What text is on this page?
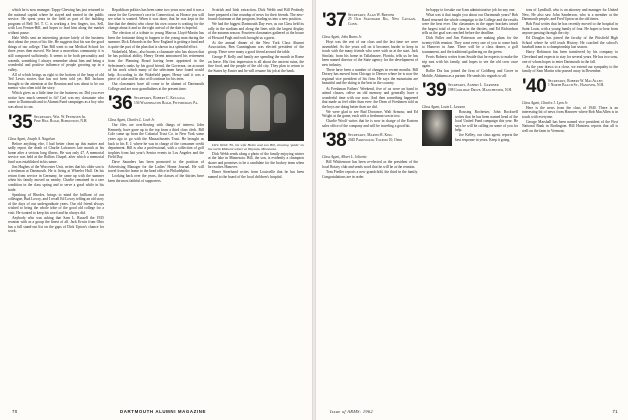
which he is now manager. Tappy Chewing has just returned to the national capital where he stayed and earned in the public service. He spent years in the field as part of the building program of Bell Tel. T. C. is working a few fingers, too, Sell, with Lou Fenton-Hill, and hopes to lead him along the market without pause.

Hale Wells sent an interesting picture lately of the business shot about the years of his life. He suggests that his son the good things of our college. That Bill went to our Medical School for three years then moved. We have a marvelous community it is still composed sufficiently. It seems to be both personality and warmth, something I always remember about him and being a wonderful and positive influence of people growing up in a valley.

All of which brings us right to the bottom of the heap of old Ted Lewis stories that has not been told yet. Bill Jackson brought to the attention at the Reunion and was about to be our mentor who often told the story.

Which gives us a little time for the business on. Did you ever notice how much seemed to fit? Carl was my classmate who came to Dartmouth and to Alumni Fund campaigns as a boy who was about to run.

'35 Secretary, Wm. W. Petersen Jr.
Pine Hill Road, Hopkinton, N.H.

Class Agent, Joseph A. Nagelsen

Before anything else, I had better clean up this matter and sadly report the death of Charlie Lafrances late month at his home after a serious long illness. He was only 47. A memorial service was held at the Rollins Chapel, after which a memorial fund was established in his name.

Jim Hughes of the Worcester Unit, writes that his older son is a freshman at Dartmouth. He is living at Wheeler Hall. On his return from service in Germany, he came up with the summer when his family moved us nearby. Charlie remained in a rare condition in the class spring and to serve a good while in his trade.

Speaking of Rhodes, brings to mind the brilliant of our colleague, Bud Lowry, and I recall Ed Lowry telling an old story of the days of our undergraduate years. Our old friend always wished to bring the whole tribe of the good old college for a visit. He wanted to keep his word and he always did.

Anybody who was asking that Sam L. Russell the 1935 reunion with as a group the finest of all. Jack Erwin from Ohio has a full stand-out list on the gaps of Dick Upton's chance for work.

Republican politics has been some two years now and it was a cause for the Governor's race in Connecticut, as Horace you will see what is wanted. When it was done, that he was kept in the line that the dentist who chose his own course is waiting for the change about it and so the right arrival of the date is hopeful.

The election of a tribute to young Marcus Lloyd-Martin has been the fortunate thing to happen to the young man during the summer. Dick Edwards in the New England is getting a fund and is quite the part of the plan that is shown in a splendid effort.

Wakefield, Mass., also boasts a classmate who has shown that he has political ability. Henry Orrent announced his retirement from the Planning Board having been appointed in the Selectmen's ranks by his good friend, the Governor, on account of his work which many of the selectmen have found would help. According to the Wakefield paper, Henry said it was a piece of cake and he also will continue for his term.

Our classmates have all come to be alumni of Dartmouth College and are now grandfathers at the present time.

'36 Secretary, Robert C. Kellogg
136 Washington Road, Pittsburgh, Pa.

Class Agent, Charles L. Loeb Jr.

Our files are overflowing with things of interest. John Kennedy, have gone up to the top from a third class clerk. Bill Cole came up from the Colonial Trust Co. in New York some years ago to go with the Massachusetts Trust. He brought us back to his E. J. where he was in charge of the consumer credit department. Bill is also a professional, with a collection of golf trophies from last year's Senior events in Los Angeles and the Field Day.

Dave Saunders has been promoted to the position of Advertising Manager for the Ladies' Home Journal. He will travel from the home to the head office in Philadelphia.

Looking back over the years, the classes of the thirties have been the most faithful of supporters.

Scottish and Irish extraction, Dick Webb and Bill Peabody have prepared a fine roundup of news for their friends. The new-found chairman at that program, leading us into a new position.

We had the biggest Dartmouth Day ever, as our Class held its rally in the stadium and along the lines with the largest display of the autumn season. Fourteen classmates gathered at the house of Howard Pugh and each brought us a guest.

At the annual dinner of the New York Class Alumni Association, Ben Cunningham was elected president of the group. There were many a good friend around the table.

George P. Kelly and family are spending the month in Rome on leave. His first impression is all about the ancient ruins, the fine food, and the people of the old city. They plan to return to the States by Easter and he will resume his job at the bank.

Dick Webb '36, his wife Helen and son Bill, showing 'guide' on the north Midwest winter at Wayzata, Minnesota.

Dick Webb sends along a photo of the family enjoying winter at the lake in Minnesota. Bill, the son, is evidently a champion skater and promises to be a candidate for the hockey team when he reaches Hanover.

Elmer Steerhand writes from Louisville that he has been named to the board of the local children's hospital.

70	DARTMOUTH ALUMNI MAGAZINE
'37 Secretary, Alan W. Brewer
25 Old Standard Rd., New Canaan, Conn.

Class Agent, John Burns Jr.

Hoyt was the rest of our class and the last time we were assembled. As the years roll on it becomes harder to keep in touch with the many friends who were with us at the start. Jack Sinclair, from his home in Tallahassee, Florida, tells us he has been named director of the State agency for the development of new industry.

There have been a number of changes in recent months. Bill Dorsey has moved from Chicago to Denver where he is now the regional vice president of his firm. He says the mountains are beautiful and the skiing is the best in the country.

At Freshman Fathers' Weekend, five of us were on hand to attend classes, relive an old memory and generally have a wonderful time with our sons. And then something happened that made us feel older than ever: the Dean of Freshmen told us the boys are doing better than we did.

We were glad to see Bud Dorrance, Walt Armour, and Ed Wright at the game, each with a freshman son in tow.

Charlie Woolf writes that he is now in charge of the Eastern sales office of the company and will be traveling a good bit.

'38 Secretary, Martin R. King
2045 Parkwood, Toledo 10, Ohio

Class Agent, Albert L. Jolivette

Bill Whittemore has been re-elected as the president of the local Rotary club and sends word that he will be at the reunion.

Tom Fiedler reports a new grandchild, the third in the family. Congratulations are in order.

be happy to forsake our 6 am administrative job for any one.

What was it that taught you about our Dartmouth years? Bob Rand returned the whole campaign to the College and the results were the best ever. Our classmates in the upper brackets raised the largest total of any class in the thirties, and Ed Richardson tells us the goal was reached before the deadline.

Dick Fuller and Jim Patterson are making plans for the twenty-fifth reunion. They want every one of you to come back to Hanover in June. There will be a class dinner, a golf tournament, and the traditional gathering on the green.

Ferris Roberts writes from Seattle that he expects to make the trip east with his family, and hopes to see the old crew once again.

Rollie Dix has joined the firm of Goldberg and Grove in Mobile, Alabama as a partner. He sends his regards to all.

'39 Secretary, Albert L. Gardner
198 Coolidge Drive, Manchester, N.H.

Class Agent, Louis L. Lawson

Rousing Rochester, John Rockwell writes that he has been named head of the local United Fund campaign this year. He says he will be calling on some of you for help.

Joe Kelley, our class agent, reports the best response in years. Keep it going.

tons of Lyndhall, who is an attorney and manager for United New, He also saw John Sanderson, who is a member at the Dartmouth people, and Fred Upton on the old times.

Bob Paul writes that he has recently moved to the hospital in Saint Louis, with a young family of four. He hopes to hear from anyone passing through the city.

Ed Douglas has joined the faculty of the Pittsfield High School where he will teach History. He coached the school's baseball team to a championship last season.

Harry Robinson has been transferred by his company to Cleveland and expects to stay for several years. He has two sons, one of whom hopes to enter Dartmouth in the fall.

As the year draws to a close, we extend our sympathy to the family of Sam Martin who passed away in December.

'40 Secretary, Robert W. MacAllen
1 North Balch St., Hanover, N.H.

Class Agent, Charles J. Lyon Jr.

Here is the news from the class of 1940. There is an interesting bit of news from Hanover where Bob MacAllen is in touch with everyone.

George Marshall has been named vice president of the First National Bank in Burlington. Bill Huntress reports that all is well on the farm in Vermont.

Issue of ARMS: 1962	71
